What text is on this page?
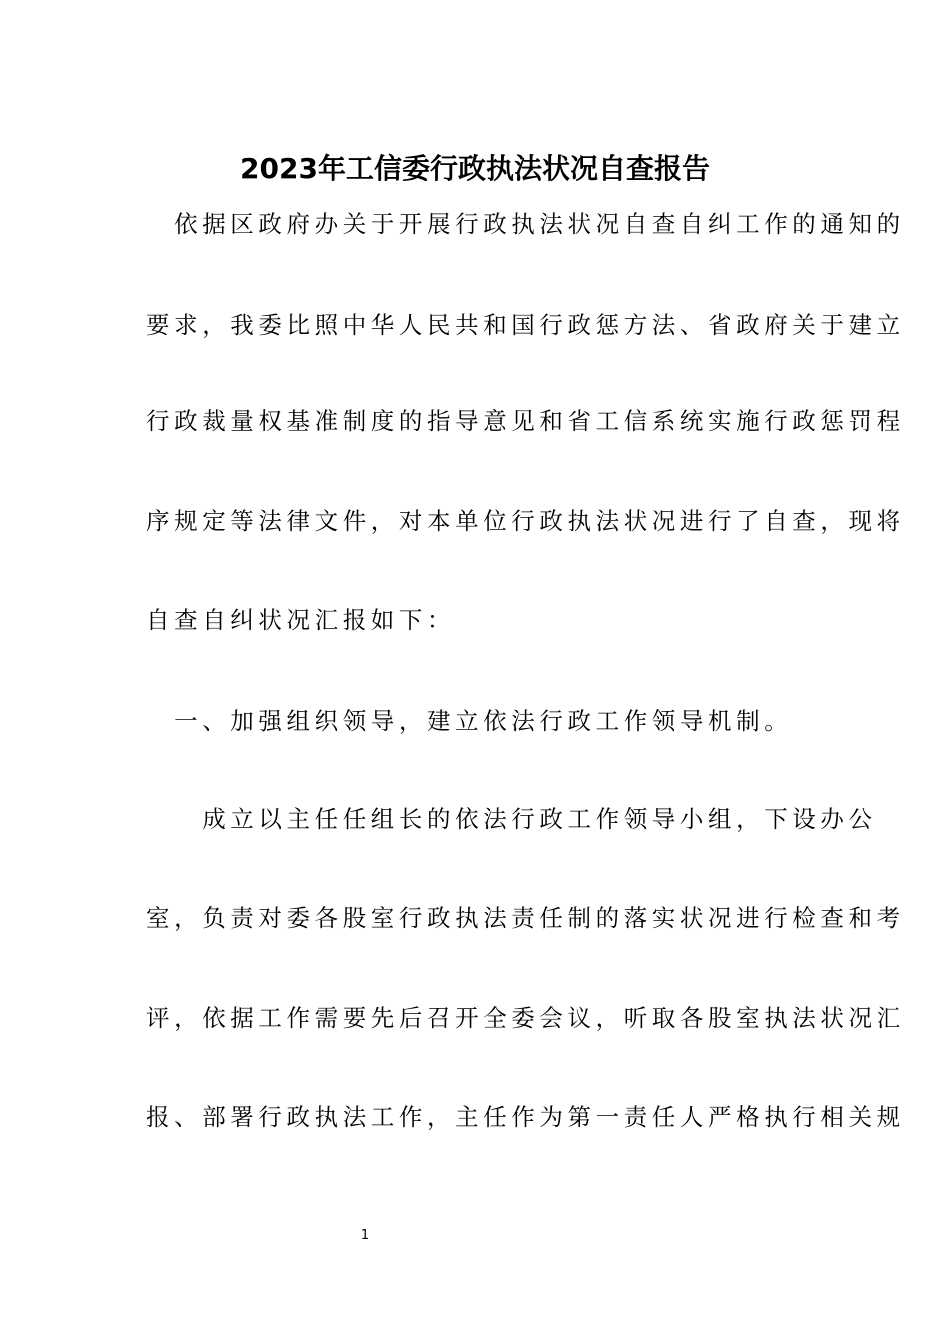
2023年工信委行政执法状况自查报告
　依据区政府办关于开展行政执法状况自查自纠工作的通知的
要求，我委比照中华人民共和国行政惩方法、省政府关于建立
行政裁量权基准制度的指导意见和省工信系统实施行政惩罚程
序规定等法律文件，对本单位行政执法状况进行了自查，现将
自查自纠状况汇报如下：
　一、加强组织领导，建立依法行政工作领导机制。
　　成立以主任任组长的依法行政工作领导小组，下设办公
室，负责对委各股室行政执法责任制的落实状况进行检查和考
评，依据工作需要先后召开全委会议，听取各股室执法状况汇
报、部署行政执法工作，主任作为第一责任人严格执行相关规
1
